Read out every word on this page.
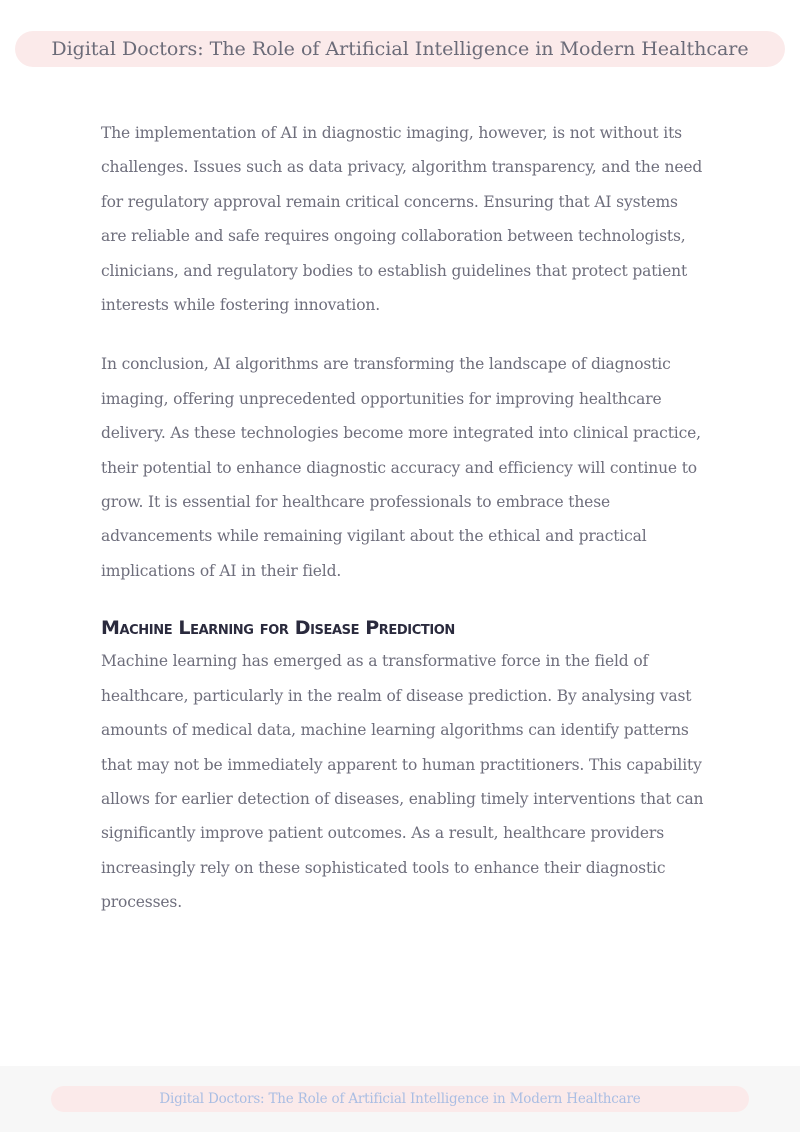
Digital Doctors: The Role of Artificial Intelligence in Modern Healthcare

The implementation of AI in diagnostic imaging, however, is not without its challenges. Issues such as data privacy, algorithm transparency, and the need for regulatory approval remain critical concerns. Ensuring that AI systems are reliable and safe requires ongoing collaboration between technologists, clinicians, and regulatory bodies to establish guidelines that protect patient interests while fostering innovation.

In conclusion, AI algorithms are transforming the landscape of diagnostic imaging, offering unprecedented opportunities for improving healthcare delivery. As these technologies become more integrated into clinical practice, their potential to enhance diagnostic accuracy and efficiency will continue to grow. It is essential for healthcare professionals to embrace these advancements while remaining vigilant about the ethical and practical implications of AI in their field.

Machine Learning for Disease Prediction

Machine learning has emerged as a transformative force in the field of healthcare, particularly in the realm of disease prediction. By analysing vast amounts of medical data, machine learning algorithms can identify patterns that may not be immediately apparent to human practitioners. This capability allows for earlier detection of diseases, enabling timely interventions that can significantly improve patient outcomes. As a result, healthcare providers increasingly rely on these sophisticated tools to enhance their diagnostic processes.

Digital Doctors: The Role of Artificial Intelligence in Modern Healthcare
